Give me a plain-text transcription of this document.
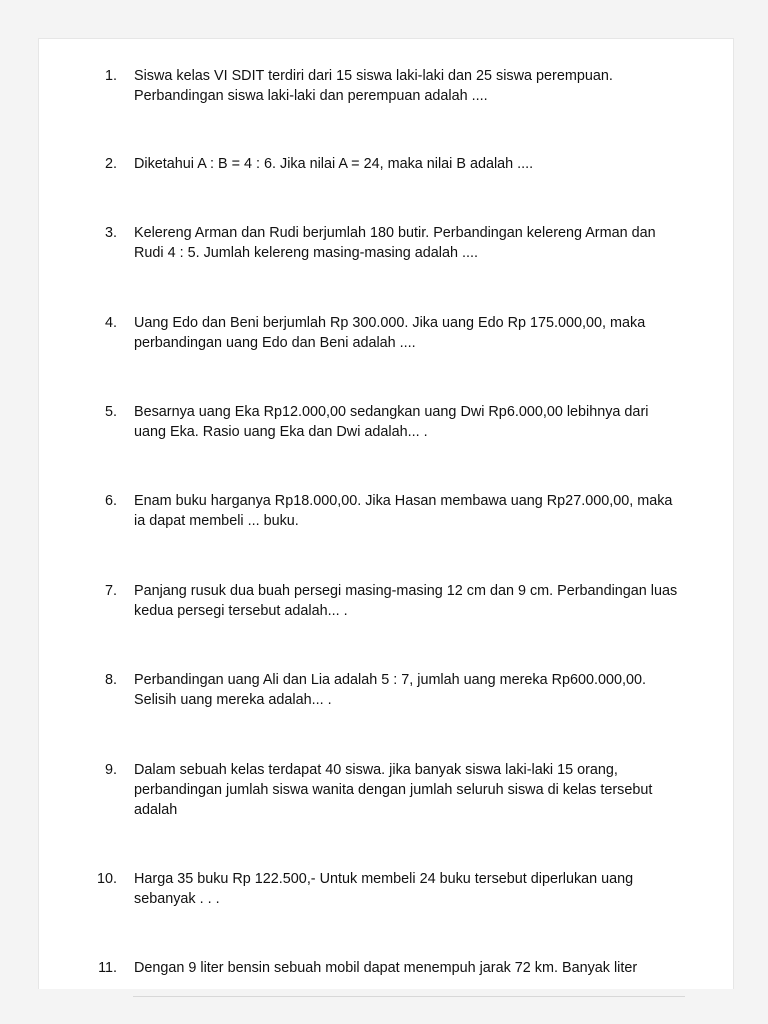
1. Siswa kelas VI SDIT terdiri dari 15 siswa laki-laki dan 25 siswa perempuan. Perbandingan siswa laki-laki dan perempuan adalah ....
2. Diketahui A : B = 4 : 6. Jika nilai A = 24, maka nilai B adalah ....
3. Kelereng Arman dan Rudi berjumlah 180 butir. Perbandingan kelereng Arman dan Rudi 4 : 5. Jumlah kelereng masing-masing adalah ....
4. Uang Edo dan Beni berjumlah Rp 300.000. Jika uang Edo Rp 175.000,00, maka perbandingan uang Edo dan Beni adalah ....
5. Besarnya uang Eka Rp12.000,00 sedangkan uang Dwi Rp6.000,00 lebihnya dari uang Eka. Rasio uang Eka dan Dwi adalah... .
6. Enam buku harganya Rp18.000,00. Jika Hasan membawa uang Rp27.000,00, maka ia dapat membeli ... buku.
7. Panjang rusuk dua buah persegi masing-masing 12 cm dan 9 cm. Perbandingan luas kedua persegi tersebut adalah... .
8. Perbandingan uang Ali dan Lia adalah 5 : 7, jumlah uang mereka Rp600.000,00. Selisih uang mereka adalah... .
9. Dalam sebuah kelas terdapat 40 siswa. jika banyak siswa laki-laki 15 orang, perbandingan jumlah siswa wanita dengan jumlah seluruh siswa di kelas tersebut adalah
10. Harga 35 buku Rp 122.500,- Untuk membeli 24 buku tersebut diperlukan uang sebanyak . . .
11. Dengan 9 liter bensin sebuah mobil dapat menempuh jarak 72 km. Banyak liter
